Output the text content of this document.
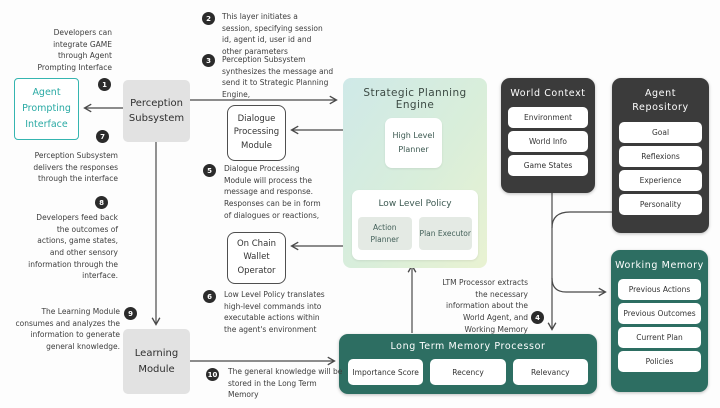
Agent Prompting Interface
Perception Subsystem
Learning Module
Dialogue Processing Module
On Chain Wallet Operator
Strategic Planning Engine
High Level Planner
Low Level Policy
Action Planner
Plan Executor
World Context
Environment
World Info
Game States
Agent Repository
Goal
Reflexions
Experience
Personality
Working Memory
Previous Actions
Previous Outcomes
Current Plan
Policies
Long Term Memory Processor
Importance Score	Recency	Relevancy
1
2
3
4
5
6
7
8
9
10
Developers can integrate GAME through Agent Prompting Interface
This layer initiates a session, specifying session id, agent id, user id and other parameters
Perception Subsystem synthesizes the message and send it to Strategic Planning Engine,
LTM Processor extracts the necessary information about the World Agent, and Working Memory
Dialogue Processing Module will process the message and response. Responses can be in form of dialogues or reactions,
Low Level Policy translates high-level commands into executable actions within the agent's environment
Perception Subsystem delivers the responses through the interface
Developers feed back the outcomes of actions, game states, and other sensory information through the interface.
The Learning Module consumes and analyzes the information to generate general knowledge.
The general knowledge will be stored in the Long Term Memory
